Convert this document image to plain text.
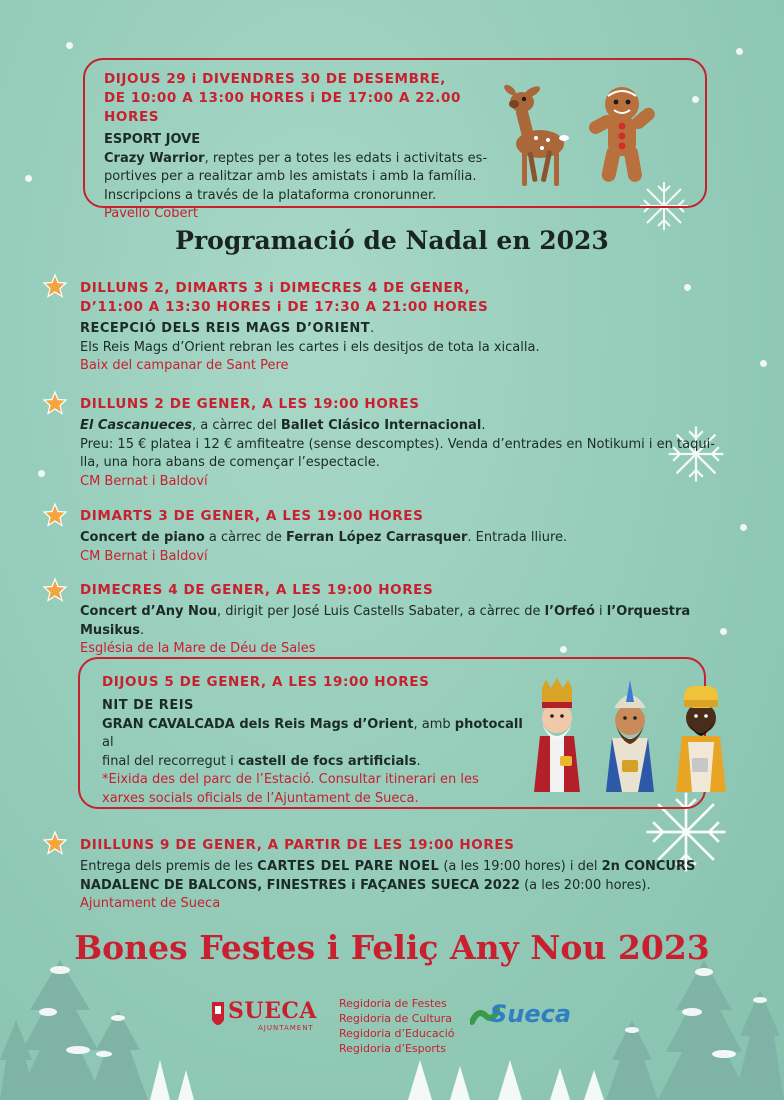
DIJOUS 29 i DIVENDRES 30 DE DESEMBRE,
DE 10:00 A 13:00 HORES i DE 17:00 A 22.00 HORES
ESPORT JOVE
Crazy Warrior, reptes per a totes les edats i activitats es-
portives per a realitzar amb les amistats i amb la família.
Inscripcions a través de la plataforma cronorunner.
Pavelló Cobert
Programació de Nadal en 2023
DILLUNS 2, DIMARTS 3 i DIMECRES 4 DE GENER,
D’11:00 A 13:30 HORES i DE 17:30 A 21:00 HORES
RECEPCIÓ DELS REIS MAGS D’ORIENT.
Els Reis Mags d’Orient rebran les cartes i els desitjos de tota la xicalla.
Baix del campanar de Sant Pere
DILLUNS 2 DE GENER, A LES 19:00 HORES
El Cascanueces, a càrrec del Ballet Clásico Internacional.
Preu: 15 € platea i 12 € amfiteatre (sense descomptes). Venda d’entrades en Notikumi i en taqui-
lla, una hora abans de començar l’espectacle.
CM Bernat i Baldoví
DIMARTS 3 DE GENER, A LES 19:00 HORES
Concert de piano a càrrec de Ferran López Carrasquer. Entrada lliure.
CM Bernat i Baldoví
DIMECRES 4 DE GENER, A LES 19:00 HORES
Concert d’Any Nou, dirigit per José Luis Castells Sabater, a càrrec de l’Orfeó i l’Orquestra Musikus.
Església de la Mare de Déu de Sales
DIJOUS 5 DE GENER, A LES 19:00 HORES
NIT DE REIS
GRAN CAVALCADA dels Reis Mags d’Orient, amb photocall al
final del recorregut i castell de focs artificials.
*Eixida des del parc de l’Estació. Consultar itinerari en les
xarxes socials oficials de l’Ajuntament de Sueca.
DIILLUNS 9 DE GENER, A PARTIR DE LES 19:00 HORES
Entrega dels premis de les CARTES DEL PARE NOEL (a les 19:00 hores) i del 2n CONCURS
NADALENC DE BALCONS, FINESTRES i FAÇANES SUECA 2022 (a les 20:00 hores).
Ajuntament de Sueca
Bones Festes i Feliç Any Nou 2023
SUECA
AJUNTAMENT
Regidoria de Festes
Regidoria de Cultura
Regidoria d’Educació
Regidoria d’Esports
Sueca
